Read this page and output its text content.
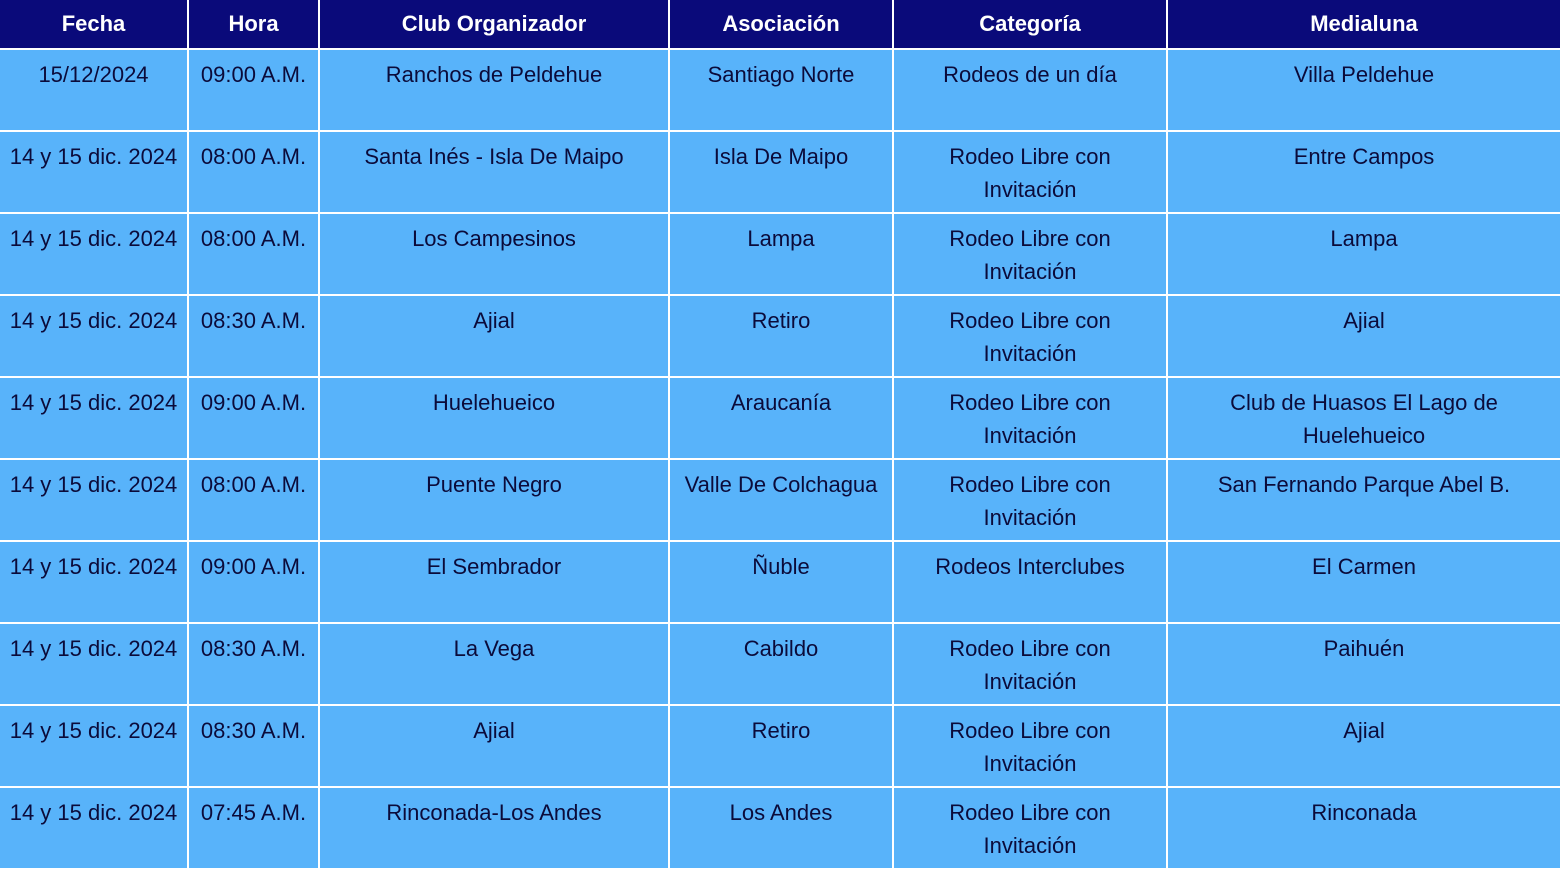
Fecha	Hora	Club Organizador	Asociación	Categoría	Medialuna
15/12/2024	09:00 A.M.	Ranchos de Peldehue	Santiago Norte	Rodeos de un día	Villa Peldehue
14 y 15 dic. 2024	08:00 A.M.	Santa Inés - Isla De Maipo	Isla De Maipo	Rodeo Libre con Invitación	Entre Campos
14 y 15 dic. 2024	08:00 A.M.	Los Campesinos	Lampa	Rodeo Libre con Invitación	Lampa
14 y 15 dic. 2024	08:30 A.M.	Ajial	Retiro	Rodeo Libre con Invitación	Ajial
14 y 15 dic. 2024	09:00 A.M.	Huelehueico	Araucanía	Rodeo Libre con Invitación	Club de Huasos El Lago de Huelehueico
14 y 15 dic. 2024	08:00 A.M.	Puente Negro	Valle De Colchagua	Rodeo Libre con Invitación	San Fernando Parque Abel B.
14 y 15 dic. 2024	09:00 A.M.	El Sembrador	Ñuble	Rodeos Interclubes	El Carmen
14 y 15 dic. 2024	08:30 A.M.	La Vega	Cabildo	Rodeo Libre con Invitación	Paihuén
14 y 15 dic. 2024	08:30 A.M.	Ajial	Retiro	Rodeo Libre con Invitación	Ajial
14 y 15 dic. 2024	07:45 A.M.	Rinconada-Los Andes	Los Andes	Rodeo Libre con Invitación	Rinconada
